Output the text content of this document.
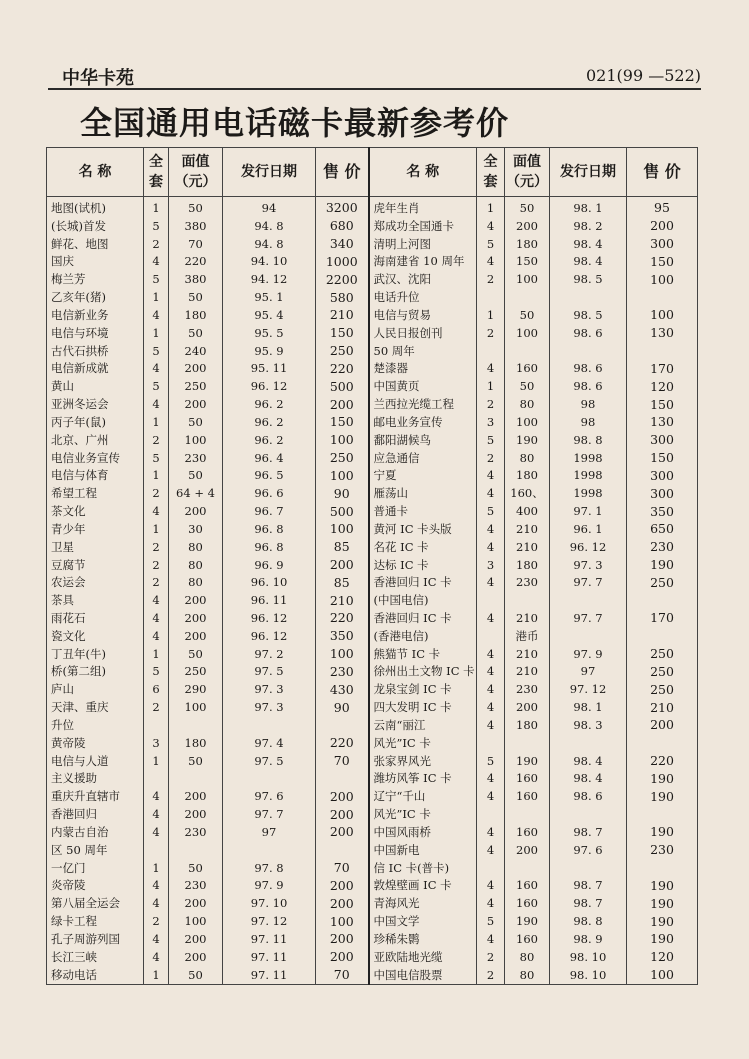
中华卡苑	021(99 —522)
全国通用电话磁卡最新参考价
名 称	全套	面值（元）	发行日期	售 价	名 称	全套	面值（元）	发行日期	售 价
地图(试机)	1	50	94	3200	虎年生肖	1	50	98. 1	95
(长城)首发	5	380	94. 8	680	郑成功全国通卡	4	200	98. 2	200
鲜花、地图	2	70	94. 8	340	清明上河图	5	180	98. 4	300
国庆	4	220	94. 10	1000	海南建省 10 周年	4	150	98. 4	150
梅兰芳	5	380	94. 12	2200	武汉、沈阳	2	100	98. 5	100
乙亥年(猪)	1	50	95. 1	580	电话升位				
电信新业务	4	180	95. 4	210	电信与贸易	1	50	98. 5	100
电信与环境	1	50	95. 5	150	人民日报创刊	2	100	98. 6	130
古代石拱桥	5	240	95. 9	250	50 周年				
电信新成就	4	200	95. 11	220	楚漆器	4	160	98. 6	170
黄山	5	250	96. 12	500	中国黄页	1	50	98. 6	120
亚洲冬运会	4	200	96. 2	200	兰西拉光缆工程	2	80	98	150
丙子年(鼠)	1	50	96. 2	150	邮电业务宣传	3	100	98	130
北京、广州	2	100	96. 2	100	鄱阳湖候鸟	5	190	98. 8	300
电信业务宣传	5	230	96. 4	250	应急通信	2	80	1998	150
电信与体育	1	50	96. 5	100	宁夏	4	180	1998	300
希望工程	2	64 + 4	96. 6	90	雁荡山	4	160、	1998	300
茶文化	4	200	96. 7	500	普通卡	5	400	97. 1	350
青少年	1	30	96. 8	100	黄河 IC 卡头版	4	210	96. 1	650
卫星	2	80	96. 8	85	名花 IC 卡	4	210	96. 12	230
豆腐节	2	80	96. 9	200	达标 IC 卡	3	180	97. 3	190
农运会	2	80	96. 10	85	香港回归 IC 卡	4	230	97. 7	250
茶具	4	200	96. 11	210	(中国电信)				
雨花石	4	200	96. 12	220	香港回归 IC 卡	4	210	97. 7	170
瓷文化	4	200	96. 12	350	(香港电信)		港币		
丁丑年(牛)	1	50	97. 2	100	熊猫节 IC 卡	4	210	97. 9	250
桥(第二组)	5	250	97. 5	230	徐州出土文物 IC 卡	4	210	97	250
庐山	6	290	97. 3	430	龙泉宝剑 IC 卡	4	230	97. 12	250
天津、重庆	2	100	97. 3	90	四大发明 IC 卡	4	200	98. 1	210
升位					云南“丽江	4	180	98. 3	200
黄帝陵	3	180	97. 4	220	风光”IC 卡				
电信与人道	1	50	97. 5	70	张家界风光	5	190	98. 4	220
主义援助					潍坊风筝 IC 卡	4	160	98. 4	190
重庆升直辖市	4	200	97. 6	200	辽宁“千山	4	160	98. 6	190
香港回归	4	200	97. 7	200	风光”IC 卡				
内蒙古自治	4	230	97	200	中国风雨桥	4	160	98. 7	190
区 50 周年					中国新电	4	200	97. 6	230
一亿门	1	50	97. 8	70	信 IC 卡(普卡)				
炎帝陵	4	230	97. 9	200	敦煌壁画 IC 卡	4	160	98. 7	190
第八届全运会	4	200	97. 10	200	青海风光	4	160	98. 7	190
绿卡工程	2	100	97. 12	100	中国文学	5	190	98. 8	190
孔子周游列国	4	200	97. 11	200	珍稀朱鹮	4	160	98. 9	190
长江三峡	4	200	97. 11	200	亚欧陆地光缆	2	80	98. 10	120
移动电话	1	50	97. 11	70	中国电信股票	2	80	98. 10	100
